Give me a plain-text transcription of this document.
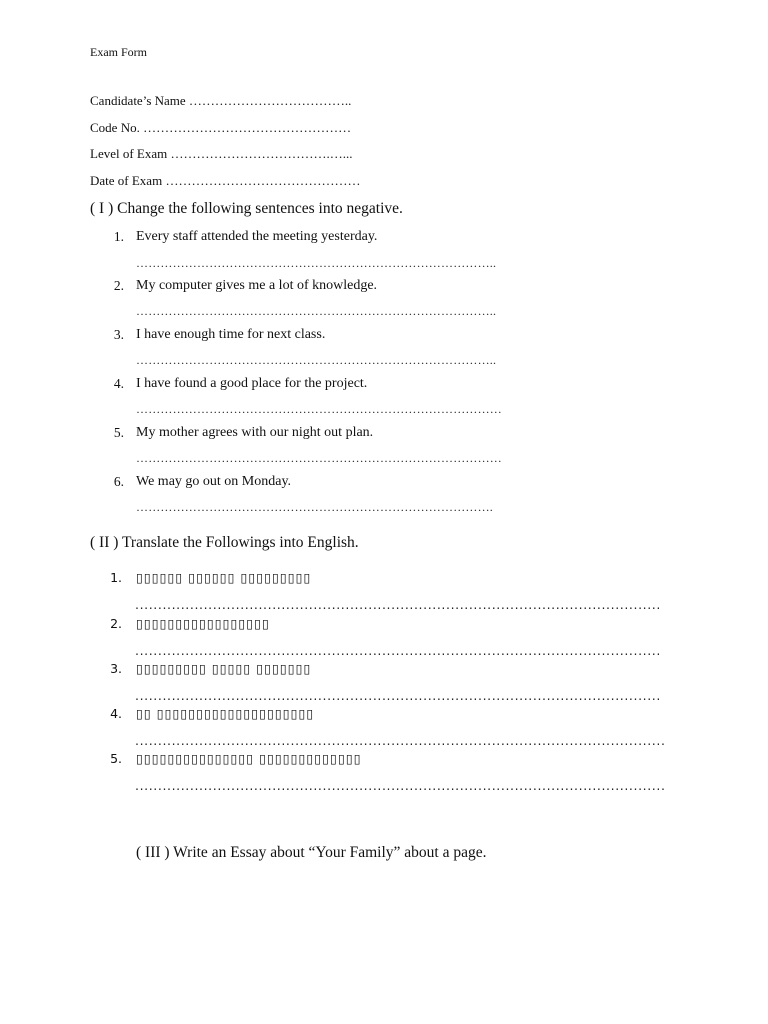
Exam Form
Candidate’s Name ………………………………..
Code No. …………………………………………
Level of Exam ……………………………….…...
Date of Exam ………………………………………
( I ) Change the following sentences into negative.
1. Every staff attended the meeting yesterday.
……………………………………………………………………………..
2. My computer gives me a lot of knowledge.
……………………………………………………………………………..
3. I have enough time for next class.
……………………………………………………………………………..
4. I have found a good place for the project.
………………………………………………………………………………
5. My mother agrees with our night out plan.
………………………………………………………………………………
6. We may go out on Monday.
…………………………………………………………………………….
( II ) Translate the Followings into English.
1. ▯▯▯▯▯▯ ▯▯▯▯▯▯ ▯▯▯▯▯▯▯▯▯
...................................................................................................................
2. ▯▯▯▯▯▯▯▯▯▯▯▯▯▯▯▯▯
...................................................................................................................
3. ▯▯▯▯▯▯▯▯▯ ▯▯▯▯▯ ▯▯▯▯▯▯▯
...................................................................................................................
4. ▯▯ ▯▯▯▯▯▯▯▯▯▯▯▯▯▯▯▯▯▯▯▯
....................................................................................................................
5. ▯▯▯▯▯▯▯▯▯▯▯▯▯▯▯ ▯▯▯▯▯▯▯▯▯▯▯▯▯
....................................................................................................................
( III ) Write an Essay about “Your Family” about a page.
